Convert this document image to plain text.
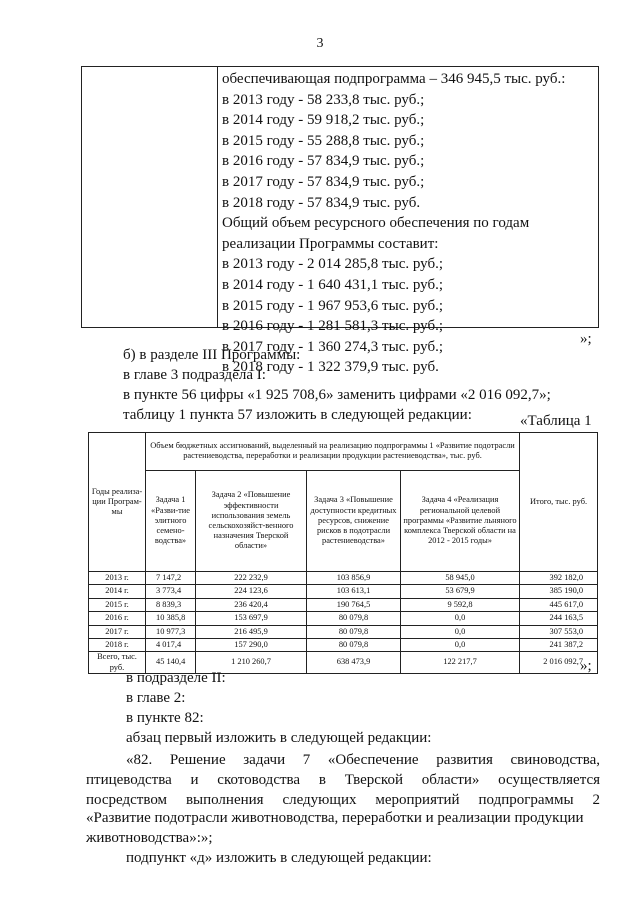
3
обеспечивающая подпрограмма – 346 945,5 тыс. руб.:
в 2013 году - 58 233,8 тыс. руб.;
в 2014 году - 59 918,2 тыс. руб.;
в 2015 году - 55 288,8 тыс. руб.;
в 2016 году - 57 834,9 тыс. руб.;
в 2017 году - 57 834,9 тыс. руб.;
в 2018 году - 57 834,9 тыс. руб.
Общий объем ресурсного обеспечения по годам
реализации Программы составит:
в 2013 году - 2 014 285,8 тыс. руб.;
в 2014 году - 1 640 431,1 тыс. руб.;
в 2015 году - 1 967 953,6 тыс. руб.;
в 2016 году - 1 281 581,3 тыс. руб.;
в 2017 году - 1 360 274,3 тыс. руб.;
в 2018 году - 1 322 379,9 тыс. руб.
»;
б) в разделе III Программы:
в главе 3 подраздела I:
в пункте 56 цифры «1 925 708,6» заменить цифрами «2 016 092,7»;
таблицу 1 пункта 57 изложить в следующей редакции:	«Таблица 1
Годы реализа-ции Програм-мы	Объем бюджетных ассигнований, выделенный на реализацию подпрограммы 1 «Развитие подотрасли растениеводства, переработки и реализации продукции растениеводства», тыс. руб.				Итого, тыс. руб.
	Задача 1 «Разви-тие элитного семено-водства»	Задача 2 «Повышение эффективности использования земель сельскохозяйст-венного назначения Тверской области»	Задача 3 «Повышение доступности кредитных ресурсов, снижение рисков в подотрасли растениеводства»	Задача 4 «Реализация региональной целевой программы «Развитие льняного комплекса Тверской области на 2012 - 2015 годы»	
2013 г.	7 147,2	222 232,9	103 856,9	58 945,0	392 182,0
2014 г.	3 773,4	224 123,6	103 613,1	53 679,9	385 190,0
2015 г.	8 839,3	236 420,4	190 764,5	9 592,8	445 617,0
2016 г.	10 385,8	153 697,9	80 079,8	0,0	244 163,5
2017 г.	10 977,3	216 495,9	80 079,8	0,0	307 553,0
2018 г.	4 017,4	157 290,0	80 079,8	0,0	241 387,2
Всего, тыс. руб.	45 140,4	1 210 260,7	638 473,9	122 217,7	2 016 092,7
»;
в подразделе II:
в главе 2:
в пункте 82:
абзац первый изложить в следующей редакции:
«82. Решение задачи 7 «Обеспечение развития свиноводства,
птицеводства и скотоводства в Тверской области» осуществляется
посредством выполнения следующих мероприятий подпрограммы 2
«Развитие подотрасли животноводства, переработки и реализации продукции
животноводства»:»;
подпункт «д» изложить в следующей редакции:
